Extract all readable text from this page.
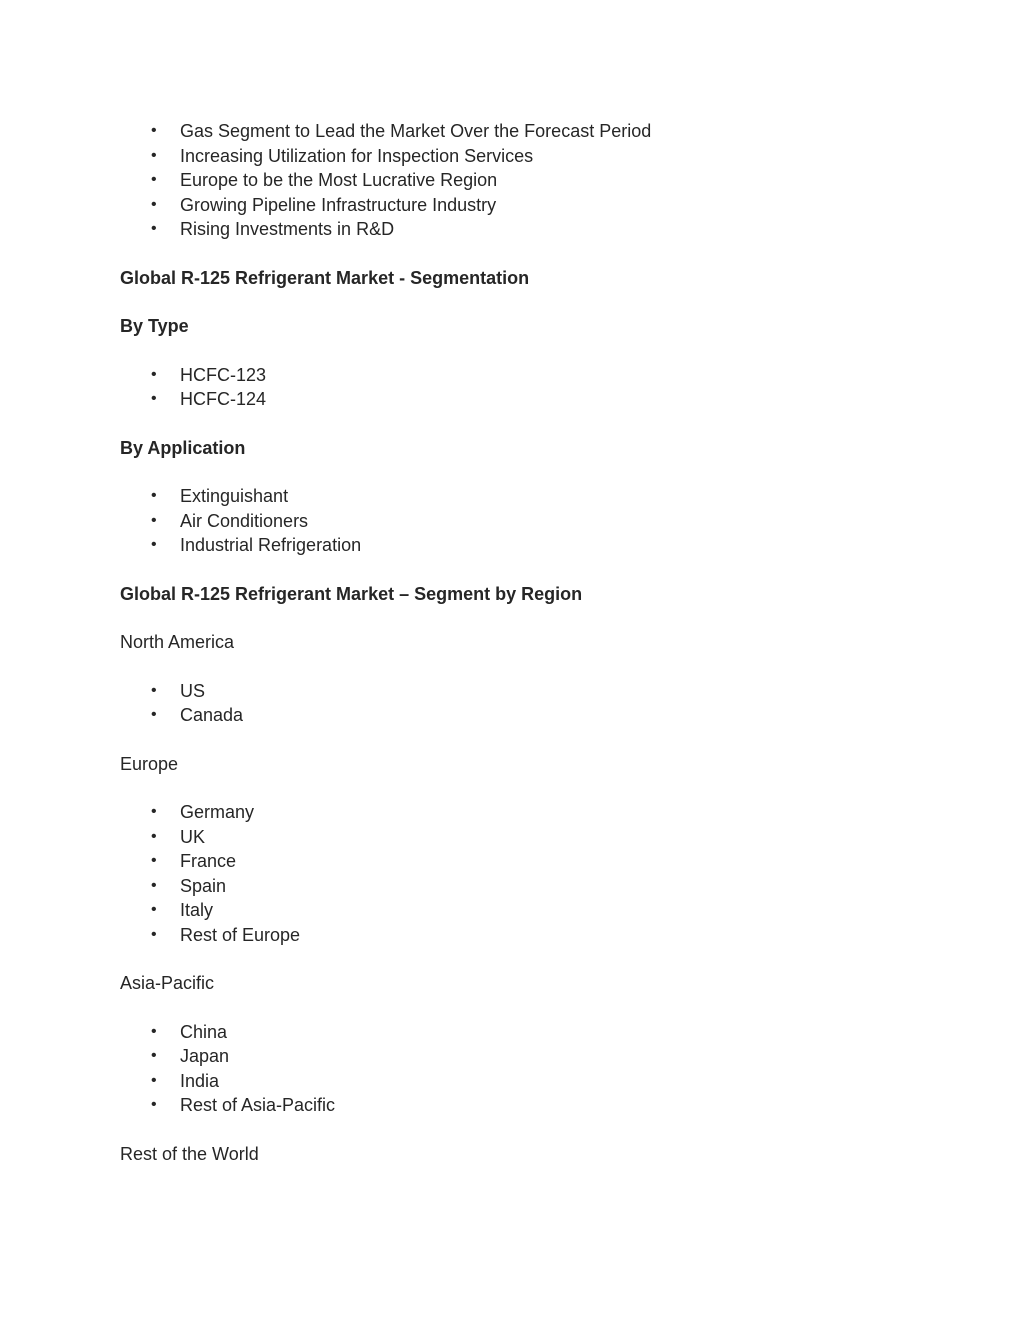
• Gas Segment to Lead the Market Over the Forecast Period
• Increasing Utilization for Inspection Services
• Europe to be the Most Lucrative Region
• Growing Pipeline Infrastructure Industry
• Rising Investments in R&D
Global R-125 Refrigerant Market - Segmentation
By Type
• HCFC-123
• HCFC-124
By Application
• Extinguishant
• Air Conditioners
• Industrial Refrigeration
Global R-125 Refrigerant Market – Segment by Region
North America
• US
• Canada
Europe
• Germany
• UK
• France
• Spain
• Italy
• Rest of Europe
Asia-Pacific
• China
• Japan
• India
• Rest of Asia-Pacific
Rest of the World
